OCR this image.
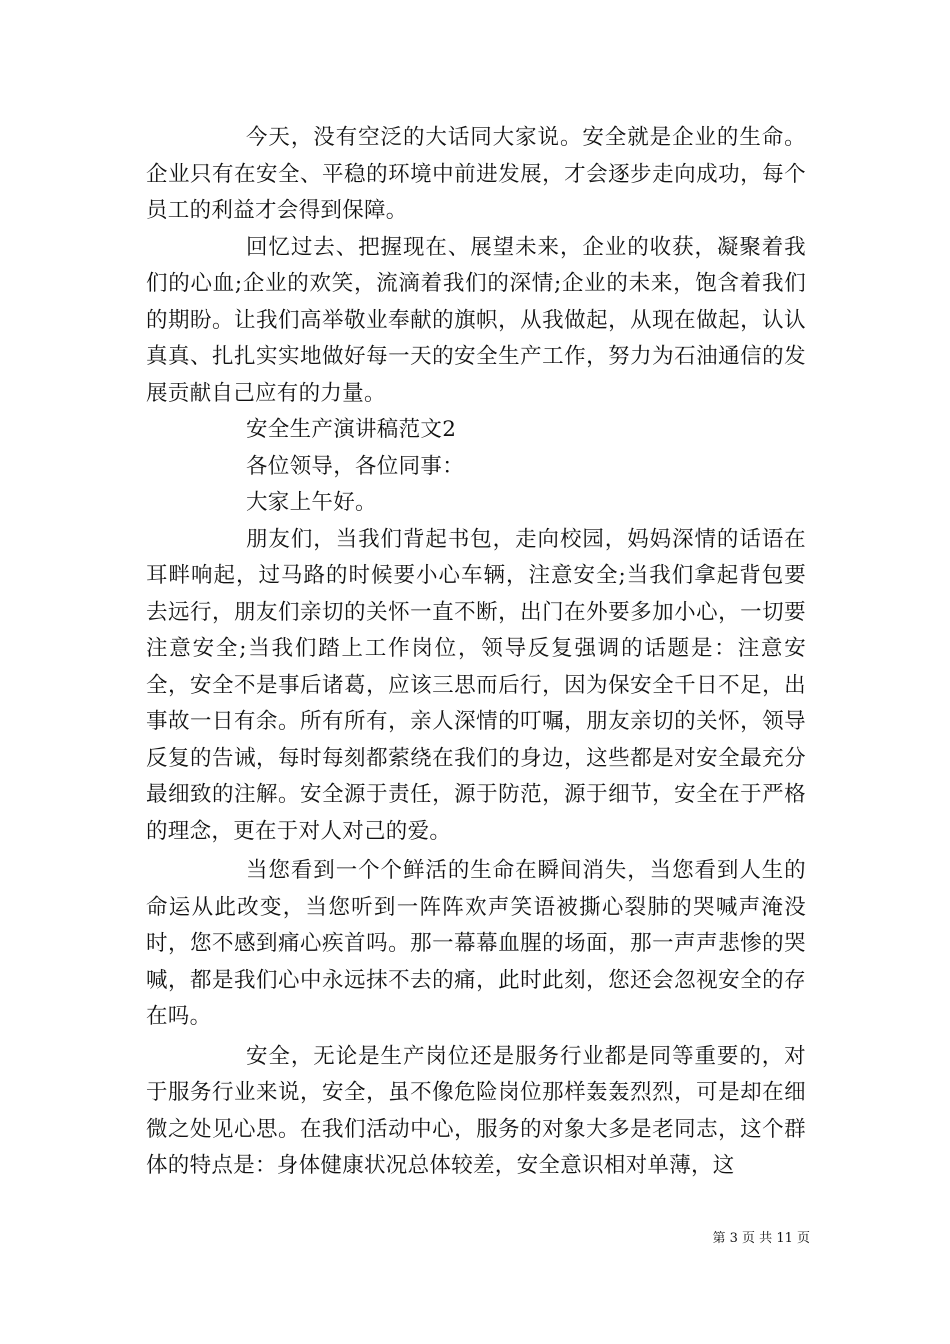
今天，没有空泛的大话同大家说。安全就是企业的生命。企业只有在安全、平稳的环境中前进发展，才会逐步走向成功，每个员工的利益才会得到保障。

回忆过去、把握现在、展望未来，企业的收获，凝聚着我们的心血;企业的欢笑，流滴着我们的深情;企业的未来，饱含着我们的期盼。让我们高举敬业奉献的旗帜，从我做起，从现在做起，认认真真、扎扎实实地做好每一天的安全生产工作，努力为石油通信的发展贡献自己应有的力量。

安全生产演讲稿范文2

各位领导，各位同事：

大家上午好。

朋友们，当我们背起书包，走向校园，妈妈深情的话语在耳畔响起，过马路的时候要小心车辆，注意安全;当我们拿起背包要去远行，朋友们亲切的关怀一直不断，出门在外要多加小心，一切要注意安全;当我们踏上工作岗位，领导反复强调的话题是：注意安全，安全不是事后诸葛，应该三思而后行，因为保安全千日不足，出事故一日有余。所有所有，亲人深情的叮嘱，朋友亲切的关怀，领导反复的告诫，每时每刻都萦绕在我们的身边，这些都是对安全最充分最细致的注解。安全源于责任，源于防范，源于细节，安全在于严格的理念，更在于对人对己的爱。

当您看到一个个鲜活的生命在瞬间消失，当您看到人生的命运从此改变，当您听到一阵阵欢声笑语被撕心裂肺的哭喊声淹没时，您不感到痛心疾首吗。那一幕幕血腥的场面，那一声声悲惨的哭喊，都是我们心中永远抹不去的痛，此时此刻，您还会忽视安全的存在吗。

安全，无论是生产岗位还是服务行业都是同等重要的，对于服务行业来说，安全，虽不像危险岗位那样轰轰烈烈，可是却在细微之处见心思。在我们活动中心，服务的对象大多是老同志，这个群体的特点是：身体健康状况总体较差，安全意识相对单薄，这

第 3 页 共 11 页
